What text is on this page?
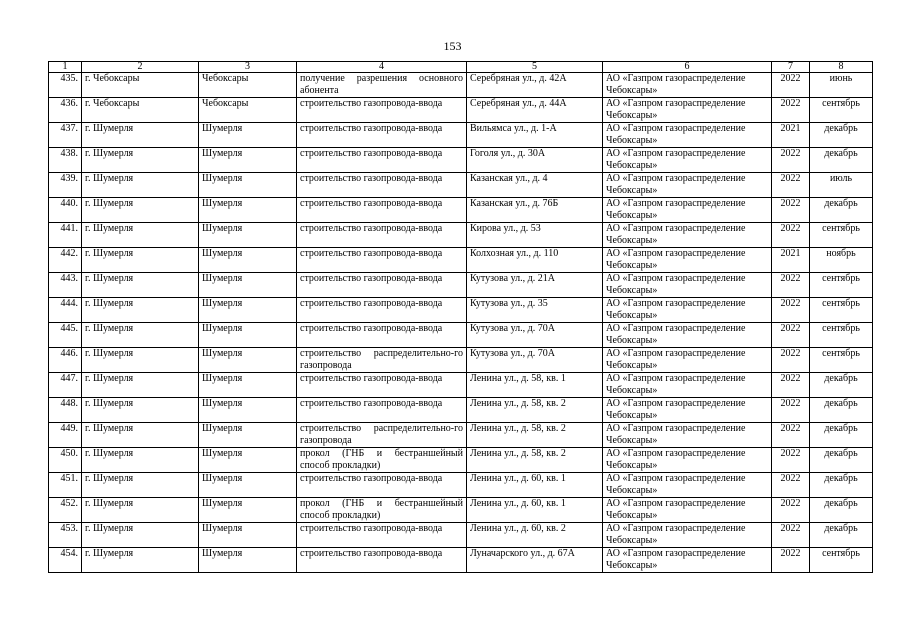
153
1	2	3	4	5	6	7	8
435.	г. Чебоксары	Чебоксары	получение разрешения основного абонента	Серебряная ул., д. 42А	АО «Газпром газораспределение Чебоксары»	2022	июнь
436.	г. Чебоксары	Чебоксары	строительство газопровода-ввода	Серебряная ул., д. 44А	АО «Газпром газораспределение Чебоксары»	2022	сентябрь
437.	г. Шумерля	Шумерля	строительство газопровода-ввода	Вильямса ул., д. 1-А	АО «Газпром газораспределение Чебоксары»	2021	декабрь
438.	г. Шумерля	Шумерля	строительство газопровода-ввода	Гоголя ул., д. 30А	АО «Газпром газораспределение Чебоксары»	2022	декабрь
439.	г. Шумерля	Шумерля	строительство газопровода-ввода	Казанская ул., д. 4	АО «Газпром газораспределение Чебоксары»	2022	июль
440.	г. Шумерля	Шумерля	строительство газопровода-ввода	Казанская ул., д. 76Б	АО «Газпром газораспределение Чебоксары»	2022	декабрь
441.	г. Шумерля	Шумерля	строительство газопровода-ввода	Кирова ул., д. 53	АО «Газпром газораспределение Чебоксары»	2022	сентябрь
442.	г. Шумерля	Шумерля	строительство газопровода-ввода	Колхозная ул., д. 110	АО «Газпром газораспределение Чебоксары»	2021	ноябрь
443.	г. Шумерля	Шумерля	строительство газопровода-ввода	Кутузова ул., д. 21А	АО «Газпром газораспределение Чебоксары»	2022	сентябрь
444.	г. Шумерля	Шумерля	строительство газопровода-ввода	Кутузова ул., д. 35	АО «Газпром газораспределение Чебоксары»	2022	сентябрь
445.	г. Шумерля	Шумерля	строительство газопровода-ввода	Кутузова ул., д. 70А	АО «Газпром газораспределение Чебоксары»	2022	сентябрь
446.	г. Шумерля	Шумерля	строительство распределительно-го газопровода	Кутузова ул., д. 70А	АО «Газпром газораспределение Чебоксары»	2022	сентябрь
447.	г. Шумерля	Шумерля	строительство газопровода-ввода	Ленина ул., д. 58, кв. 1	АО «Газпром газораспределение Чебоксары»	2022	декабрь
448.	г. Шумерля	Шумерля	строительство газопровода-ввода	Ленина ул., д. 58, кв. 2	АО «Газпром газораспределение Чебоксары»	2022	декабрь
449.	г. Шумерля	Шумерля	строительство распределительно-го газопровода	Ленина ул., д. 58, кв. 2	АО «Газпром газораспределение Чебоксары»	2022	декабрь
450.	г. Шумерля	Шумерля	прокол (ГНБ и бестраншейный способ прокладки)	Ленина ул., д. 58, кв. 2	АО «Газпром газораспределение Чебоксары»	2022	декабрь
451.	г. Шумерля	Шумерля	строительство газопровода-ввода	Ленина ул., д. 60, кв. 1	АО «Газпром газораспределение Чебоксары»	2022	декабрь
452.	г. Шумерля	Шумерля	прокол (ГНБ и бестраншейный способ прокладки)	Ленина ул., д. 60, кв. 1	АО «Газпром газораспределение Чебоксары»	2022	декабрь
453.	г. Шумерля	Шумерля	строительство газопровода-ввода	Ленина ул., д. 60, кв. 2	АО «Газпром газораспределение Чебоксары»	2022	декабрь
454.	г. Шумерля	Шумерля	строительство газопровода-ввода	Луначарского ул., д. 67А	АО «Газпром газораспределение Чебоксары»	2022	сентябрь
